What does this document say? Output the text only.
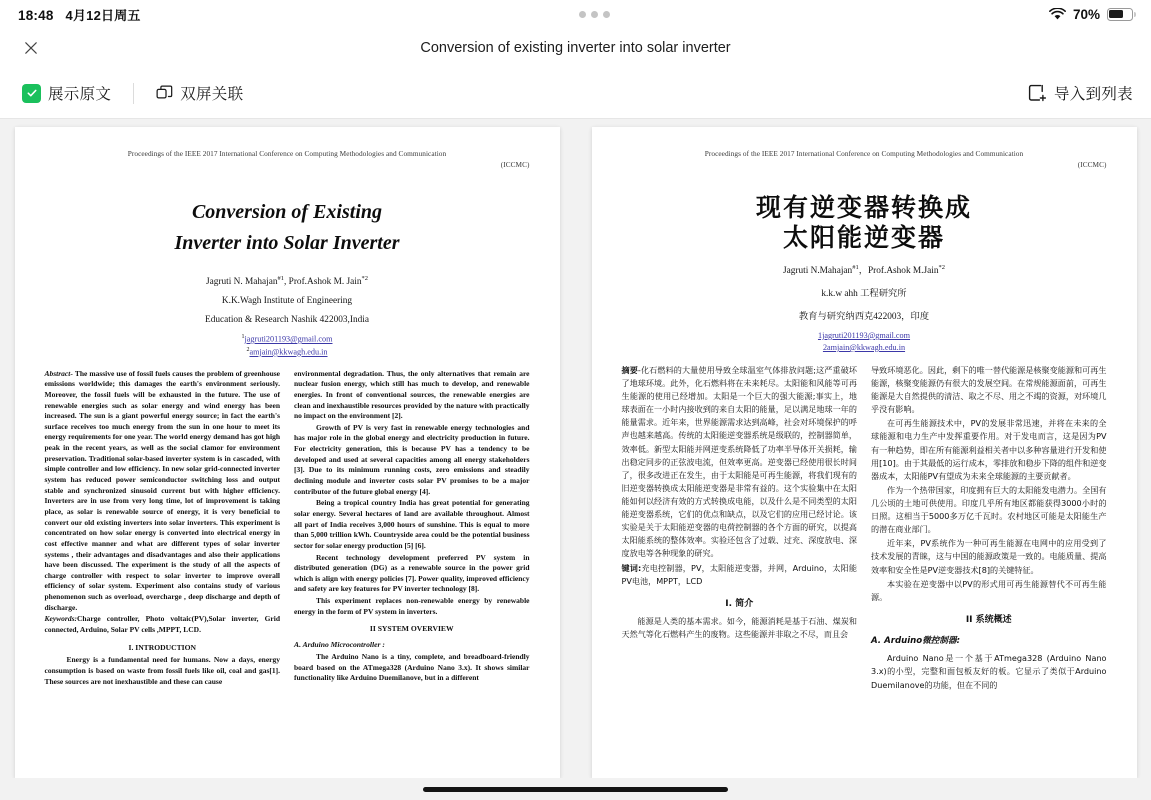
18:48 4月12日周五	70%
Conversion of existing inverter into solar inverter
展示原文	双屏关联	导入到列表
Proceedings of the IEEE 2017 International Conference on Computing Methodologies and Communication
(ICCMC)
Conversion of Existing
Inverter into Solar Inverter
Jagruti N. Mahajan$^{\#1}$, Prof.Ashok M. Jain$^{*2}$
K.K.Wagh Institute of Engineering
Education & Research Nashik 422003,India
$^1$jagruti201193@gmail.com
$^2$amjain@kkwagh.edu.in

Abstract- The massive use of fossil fuels causes the problem of greenhouse emissions worldwide; this damages the earth's environment seriously. Moreover, the fossil fuels will be exhausted in the future. The use of renewable energies such as solar energy and wind energy has been increased. The sun is a giant powerful energy source; in fact the earth's surface receives too much energy from the sun in one hour to meet its energy requirements for one year. The world energy demand has got high peak in the recent years, as well as the social clamor for environment preservation. Traditional solar-based inverter system is in cascaded, with simple controller and low efficiency. In new solar grid-connected inverter system has reduced power semiconductor switching loss and output stable and synchronized sinusoid current but with higher efficiency. Inverters are in use from very long time, lot of improvement is taking place, as solar is renewable source of energy, it is very beneficial to convert our old existing inverters into solar inverters. This experiment is concentrated on how solar energy is converted into electrical energy in cost effective manner and what are different types of solar inverter systems , their advantages and disadvantages and also their applications have been discussed. The experiment is the study of all the aspects of charge controller with respect to solar inverter to improve overall efficiency of solar system. Experiment also contains study of various phenomenon such as overload, overcharge , deep discharge and depth of discharge.

Keywords:Charge controller, Photo voltaic(PV),Solar inverter, Grid connected, Arduino, Solar PV cells ,MPPT, LCD.

I. INTRODUCTION

Energy is a fundamental need for humans. Now a days, energy consumption is based on waste from fossil fuels like oil, coal and gas[1]. These sources are not inexhaustible and these can cause

environmental degradation. Thus, the only alternatives that remain are nuclear fusion energy, which still has much to develop, and renewable energies. In front of conventional sources, the renewable energies are clean and inexhaustible resources provided by the nature with practically no impact on the environment [2].

Growth of PV is very fast in renewable energy technologies and has major role in the global energy and electricity production in future. For electricity generation, this is because PV has a tendency to be developed and used at several capacities among all energy stakeholders [3]. Due to its minimum running costs, zero emissions and steadily declining module and inverter costs solar PV promises to be a major contributor of the future global energy [4].

Being a tropical country India has great potential for generating solar energy. Several hectares of land are available throughout. Almost all part of India receives 3,000 hours of sunshine. This is equal to more than 5,000 trillion kWh. Countryside area could be the potential business sector for solar energy production [5] [6].

Recent technology development preferred PV system in distributed generation (DG) as a renewable source in the power grid which is align with energy policies [7]. Power quality, improved efficiency and safety are key features for PV inverter technology [8].

This experiment replaces non-renewable energy by renewable energy in the form of PV system in inverters.

II SYSTEM OVERVIEW
A. Arduino Microcontroller :

The Arduino Nano is a tiny, complete, and breadboard-friendly board based on the ATmega328 (Arduino Nano 3.x). It shows similar functionality like Arduino Duemilanove, but in a different

Proceedings of the IEEE 2017 International Conference on Computing Methodologies and Communication
(ICCMC)
现有逆变器转换成
太阳能逆变器
Jagruti N.Mahajan$^{\#1}$，Prof.Ashok M.Jain$^{*2}$
k.k.w ahh 工程研究所
教育与研究纳西克422003，印度
1jagruti201193@gmail.com
2amjain@kkwagh.edu.in

摘要-化石燃料的大量使用导致全球温室气体排放问题;这严重破坏了地球环境。此外，化石燃料将在未来耗尽。太阳能和风能等可再生能源的使用已经增加。太阳是一个巨大的强大能源;事实上，地球表面在一小时内接收到的来自太阳的能量，足以满足地球一年的能量需求。近年来，世界能源需求达到高峰，社会对环境保护的呼声也越来越高。传统的太阳能逆变器系统是级联的，控制器简单，效率低。新型太阳能并网逆变系统降低了功率半导体开关损耗，输出稳定同步的正弦波电流，但效率更高。逆变器已经使用很长时间了，很多改进正在发生，由于太阳能是可再生能源，将我们现有的旧逆变器转换成太阳能逆变器是非常有益的。这个实验集中在太阳能如何以经济有效的方式转换成电能，以及什么是不同类型的太阳能逆变器系统，它们的优点和缺点，以及它们的应用已经讨论。该实验是关于太阳能逆变器的电荷控制器的各个方面的研究，以提高太阳能系统的整体效率。实验还包含了过载、过充、深度放电、深度放电等各种现象的研究。

键词:充电控制器，PV，太阳能逆变器，并网，Arduino，太阳能PV电池，MPPT，LCD

I. 简介

能源是人类的基本需求。如今，能源消耗是基于石油、煤炭和天然气等化石燃料产生的废物。这些能源并非取之不尽，而且会

导致环境恶化。因此，剩下的唯一替代能源是核聚变能源和可再生能源，核聚变能源仍有很大的发展空间。在常规能源面前，可再生能源是大自然提供的清洁、取之不尽、用之不竭的资源，对环境几乎没有影响。

在可再生能源技术中，PV的发展非常迅速，并将在未来的全球能源和电力生产中发挥重要作用。对于发电而言，这是因为PV有一种趋势，即在所有能源利益相关者中以多种容量进行开发和使用[10]。由于其最低的运行成本，零排放和稳步下降的组件和逆变器成本，太阳能PV有望成为未来全球能源的主要贡献者。

作为一个热带国家，印度拥有巨大的太阳能发电潜力。全国有几公顷的土地可供使用。印度几乎所有地区都能获得3000小时的日照。这相当于5000多万亿千瓦时。农村地区可能是太阳能生产的潜在商业部门。

近年来，PV系统作为一种可再生能源在电网中的应用受到了技术发展的青睐，这与中国的能源政策是一致的。电能质量、提高效率和安全性是PV逆变器技术[8]的关键特征。

本实验在逆变器中以PV的形式用可再生能源替代不可再生能源。

II 系统概述
A. Arduino微控制器:

Arduino Nano是一个基于ATmega328 (Arduino Nano 3.x)的小型，完整和面包板友好的板。它显示了类似于Arduino Duemilanove的功能，但在不同的
